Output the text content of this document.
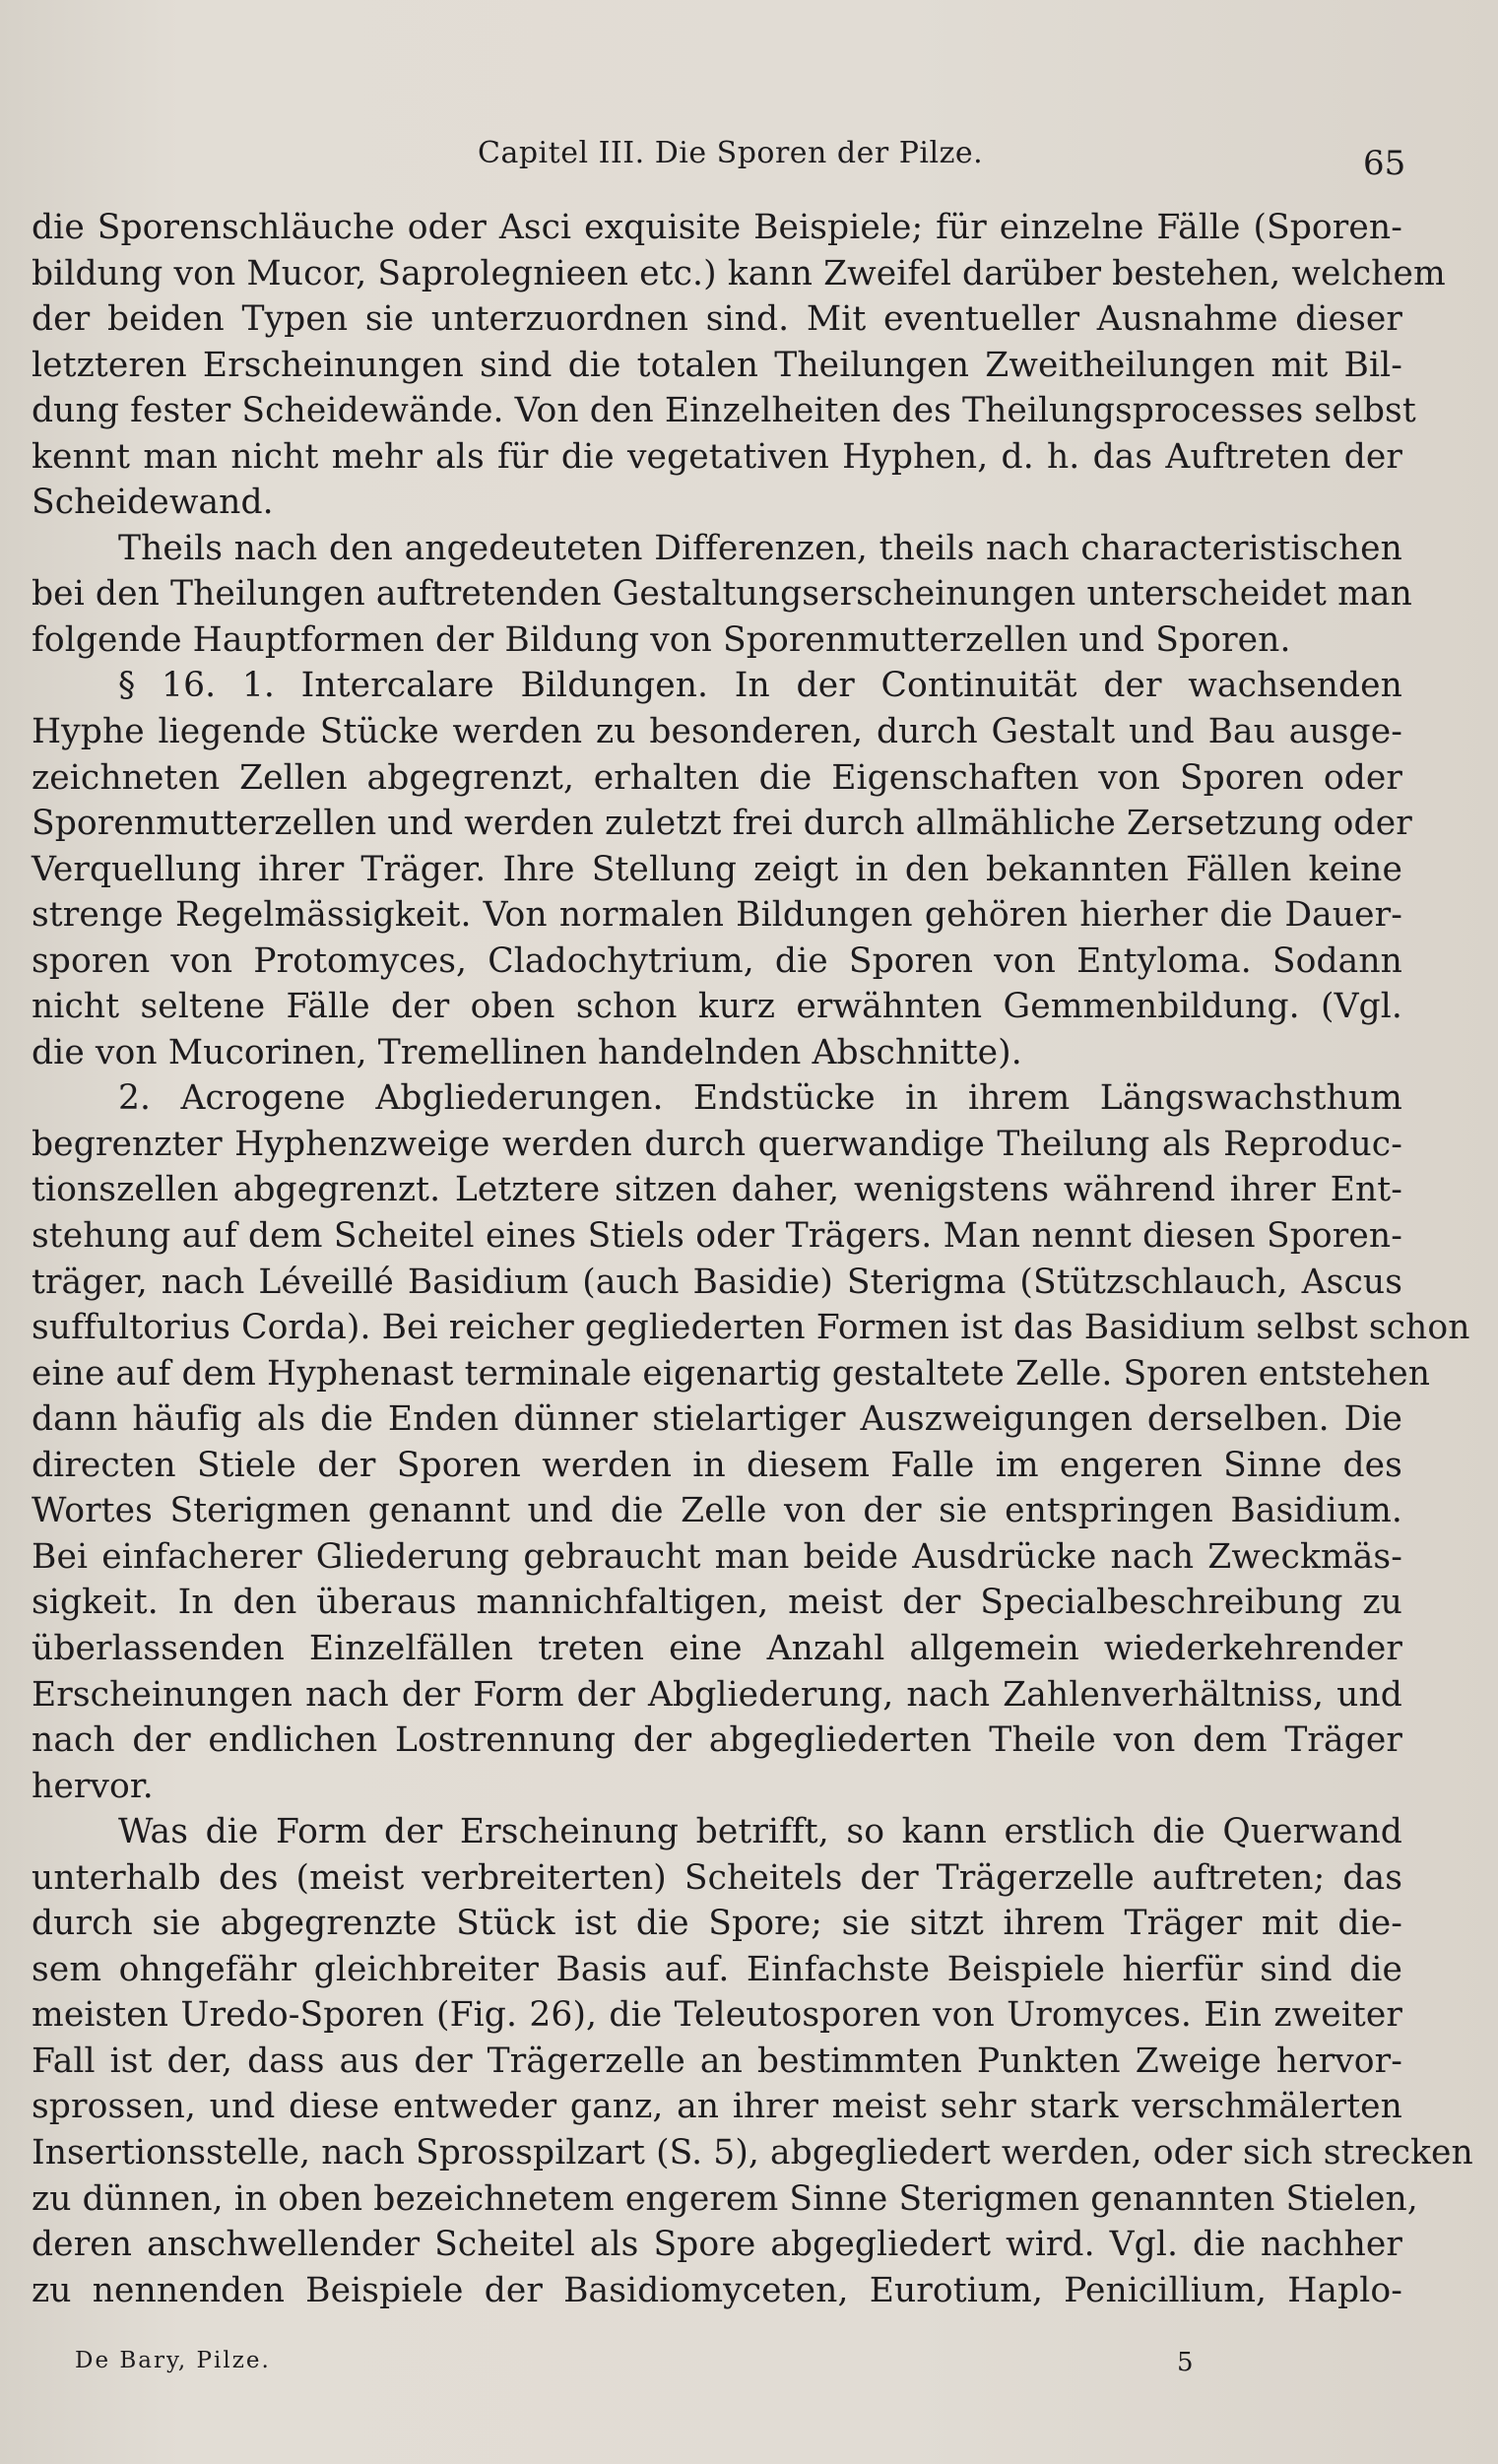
Capitel III. Die Sporen der Pilze.	65
die Sporenschläuche oder Asci exquisite Beispiele; für einzelne Fälle (Sporen-
bildung von Mucor, Saprolegnieen etc.) kann Zweifel darüber bestehen, welchem
der beiden Typen sie unterzuordnen sind. Mit eventueller Ausnahme dieser
letzteren Erscheinungen sind die totalen Theilungen Zweitheilungen mit Bil-
dung fester Scheidewände. Von den Einzelheiten des Theilungsprocesses selbst
kennt man nicht mehr als für die vegetativen Hyphen, d. h. das Auftreten der
Scheidewand.
Theils nach den angedeuteten Differenzen, theils nach characteristischen
bei den Theilungen auftretenden Gestaltungserscheinungen unterscheidet man
folgende Hauptformen der Bildung von Sporenmutterzellen und Sporen.
§ 16. 1. Intercalare Bildungen. In der Continuität der wachsenden
Hyphe liegende Stücke werden zu besonderen, durch Gestalt und Bau ausge-
zeichneten Zellen abgegrenzt, erhalten die Eigenschaften von Sporen oder
Sporenmutterzellen und werden zuletzt frei durch allmähliche Zersetzung oder
Verquellung ihrer Träger. Ihre Stellung zeigt in den bekannten Fällen keine
strenge Regelmässigkeit. Von normalen Bildungen gehören hierher die Dauer-
sporen von Protomyces, Cladochytrium, die Sporen von Entyloma. Sodann
nicht seltene Fälle der oben schon kurz erwähnten Gemmenbildung. (Vgl.
die von Mucorinen, Tremellinen handelnden Abschnitte).
2. Acrogene Abgliederungen. Endstücke in ihrem Längswachsthum
begrenzter Hyphenzweige werden durch querwandige Theilung als Reproduc-
tionszellen abgegrenzt. Letztere sitzen daher, wenigstens während ihrer Ent-
stehung auf dem Scheitel eines Stiels oder Trägers. Man nennt diesen Sporen-
träger, nach Léveillé Basidium (auch Basidie) Sterigma (Stützschlauch, Ascus
suffultorius Corda). Bei reicher gegliederten Formen ist das Basidium selbst schon
eine auf dem Hyphenast terminale eigenartig gestaltete Zelle. Sporen entstehen
dann häufig als die Enden dünner stielartiger Auszweigungen derselben. Die
directen Stiele der Sporen werden in diesem Falle im engeren Sinne des
Wortes Sterigmen genannt und die Zelle von der sie entspringen Basidium.
Bei einfacherer Gliederung gebraucht man beide Ausdrücke nach Zweckmäs-
sigkeit. In den überaus mannichfaltigen, meist der Specialbeschreibung zu
überlassenden Einzelfällen treten eine Anzahl allgemein wiederkehrender
Erscheinungen nach der Form der Abgliederung, nach Zahlenverhältniss, und
nach der endlichen Lostrennung der abgegliederten Theile von dem Träger
hervor.
Was die Form der Erscheinung betrifft, so kann erstlich die Querwand
unterhalb des (meist verbreiterten) Scheitels der Trägerzelle auftreten; das
durch sie abgegrenzte Stück ist die Spore; sie sitzt ihrem Träger mit die-
sem ohngefähr gleichbreiter Basis auf. Einfachste Beispiele hierfür sind die
meisten Uredo-Sporen (Fig. 26), die Teleutosporen von Uromyces. Ein zweiter
Fall ist der, dass aus der Trägerzelle an bestimmten Punkten Zweige hervor-
sprossen, und diese entweder ganz, an ihrer meist sehr stark verschmälerten
Insertionsstelle, nach Sprosspilzart (S. 5), abgegliedert werden, oder sich strecken
zu dünnen, in oben bezeichnetem engerem Sinne Sterigmen genannten Stielen,
deren anschwellender Scheitel als Spore abgegliedert wird. Vgl. die nachher
zu nennenden Beispiele der Basidiomyceten, Eurotium, Penicillium, Haplo-
De Bary, Pilze.	5
